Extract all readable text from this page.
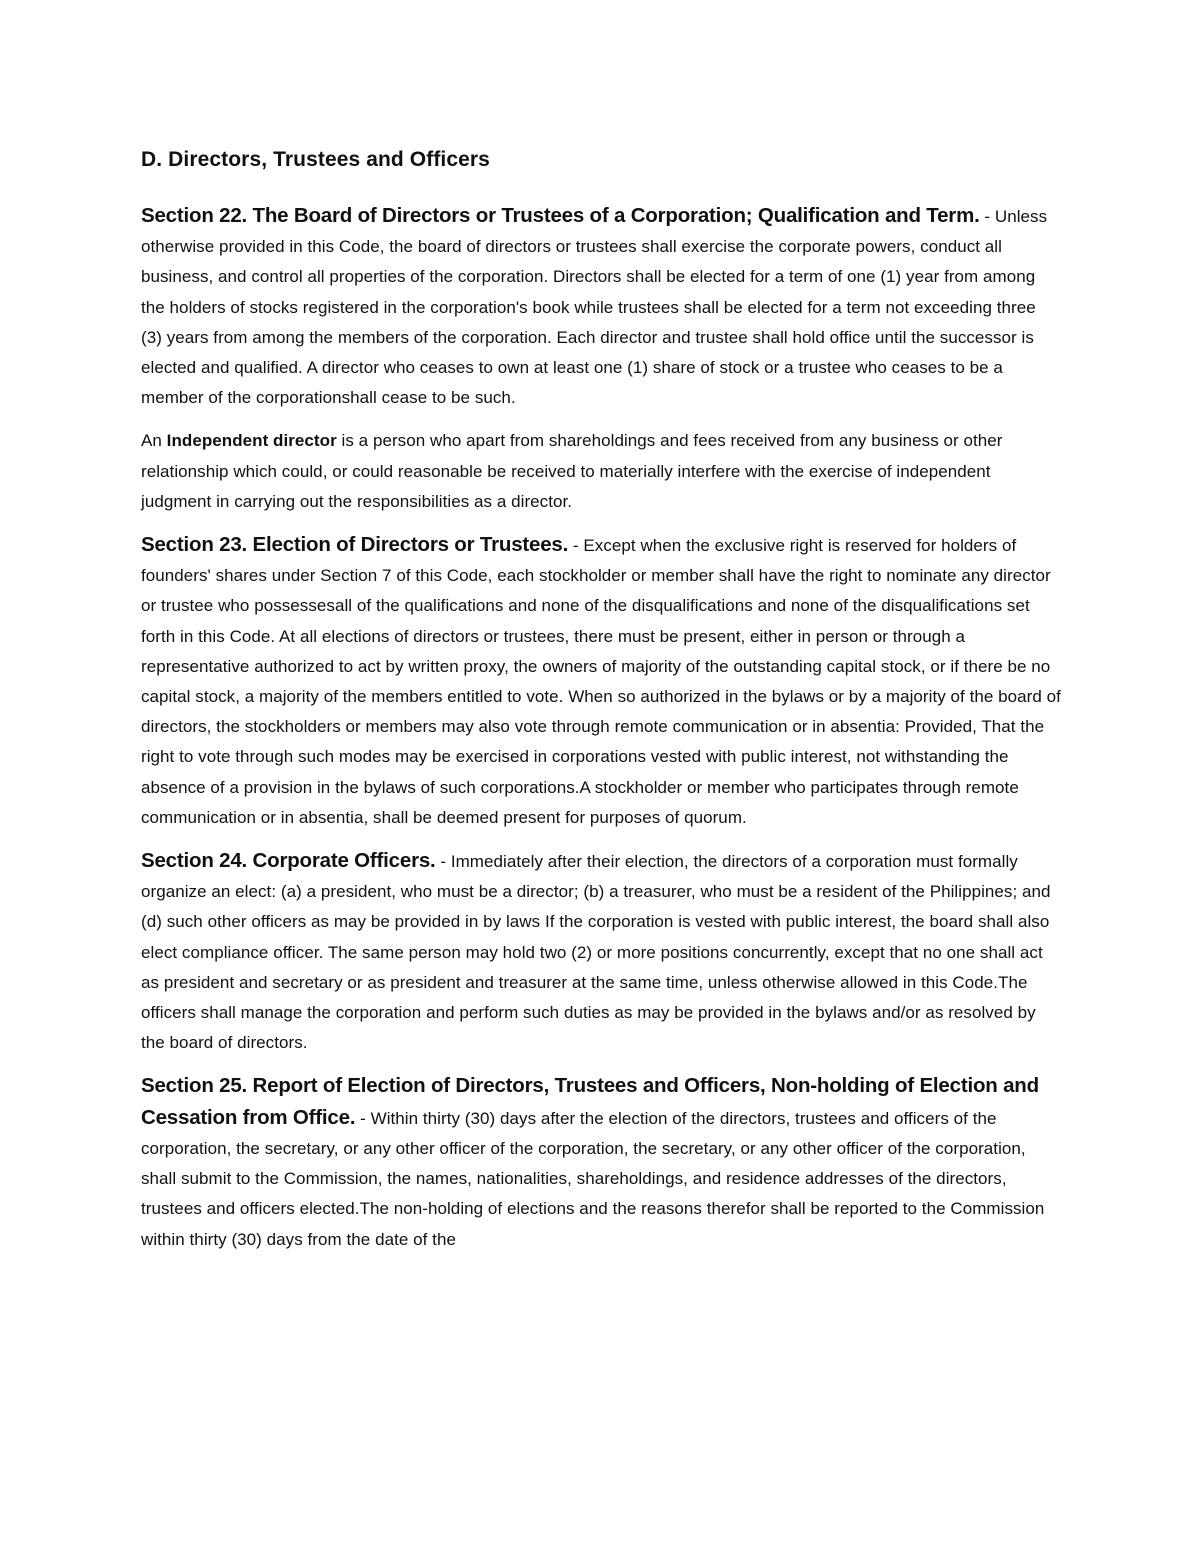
D. Directors, Trustees and Officers

Section 22. The Board of Directors or Trustees of a Corporation; Qualification and Term. - Unless otherwise provided in this Code, the board of directors or trustees shall exercise the corporate powers, conduct all business, and control all properties of the corporation. Directors shall be elected for a term of one (1) year from among the holders of stocks registered in the corporation's book while trustees shall be elected for a term not exceeding three (3) years from among the members of the corporation. Each director and trustee shall hold office until the successor is elected and qualified. A director who ceases to own at least one (1) share of stock or a trustee who ceases to be a member of the corporationshall cease to be such.

An Independent director is a person who apart from shareholdings and fees received from any business or other relationship which could, or could reasonable be received to materially interfere with the exercise of independent judgment in carrying out the responsibilities as a director.

Section 23. Election of Directors or Trustees. - Except when the exclusive right is reserved for holders of founders' shares under Section 7 of this Code, each stockholder or member shall have the right to nominate any director or trustee who possessesall of the qualifications and none of the disqualifications and none of the disqualifications set forth in this Code. At all elections of directors or trustees, there must be present, either in person or through a representative authorized to act by written proxy, the owners of majority of the outstanding capital stock, or if there be no capital stock, a majority of the members entitled to vote. When so authorized in the bylaws or by a majority of the board of directors, the stockholders or members may also vote through remote communication or in absentia: Provided, That the right to vote through such modes may be exercised in corporations vested with public interest, not withstanding the absence of a provision in the bylaws of such corporations.A stockholder or member who participates through remote communication or in absentia, shall be deemed present for purposes of quorum.

Section 24. Corporate Officers. - Immediately after their election, the directors of a corporation must formally organize an elect: (a) a president, who must be a director; (b) a treasurer, who must be a resident of the Philippines; and (d) such other officers as may be provided in by laws If the corporation is vested with public interest, the board shall also elect compliance officer. The same person may hold two (2) or more positions concurrently, except that no one shall act as president and secretary or as president and treasurer at the same time, unless otherwise allowed in this Code.The officers shall manage the corporation and perform such duties as may be provided in the bylaws and/or as resolved by the board of directors.

Section 25. Report of Election of Directors, Trustees and Officers, Non-holding of Election and Cessation from Office. - Within thirty (30) days after the election of the directors, trustees and officers of the corporation, the secretary, or any other officer of the corporation, the secretary, or any other officer of the corporation, shall submit to the Commission, the names, nationalities, shareholdings, and residence addresses of the directors, trustees and officers elected.The non-holding of elections and the reasons therefor shall be reported to the Commission within thirty (30) days from the date of the
